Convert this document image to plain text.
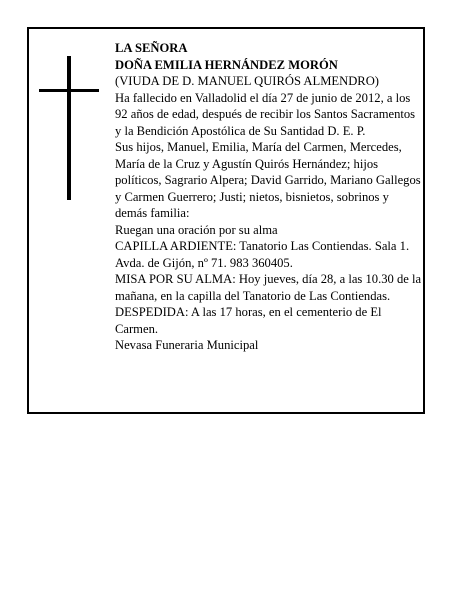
LA SEÑORA

DOÑA EMILIA HERNÁNDEZ MORÓN

(VIUDA DE D. MANUEL QUIRÓS ALMENDRO)

Ha fallecido en Valladolid el día 27 de junio de 2012, a los 92 años de edad, después de recibir los Santos Sacramentos y la Bendición Apostólica de Su Santidad D. E. P.

Sus hijos, Manuel, Emilia, María del Carmen, Mercedes, María de la Cruz y Agustín Quirós Hernández; hijos políticos, Sagrario Alpera; David Garrido, Mariano Gallegos y Carmen Guerrero; Justi; nietos, bisnietos, sobrinos y demás familia:

Ruegan una oración por su alma

CAPILLA ARDIENTE: Tanatorio Las Contiendas. Sala 1. Avda. de Gijón, nº 71. 983 360405.

MISA POR SU ALMA: Hoy jueves, día 28, a las 10.30 de la mañana, en la capilla del Tanatorio de Las Contiendas.

DESPEDIDA: A las 17 horas, en el cementerio de El Carmen.

Nevasa Funeraria Municipal
